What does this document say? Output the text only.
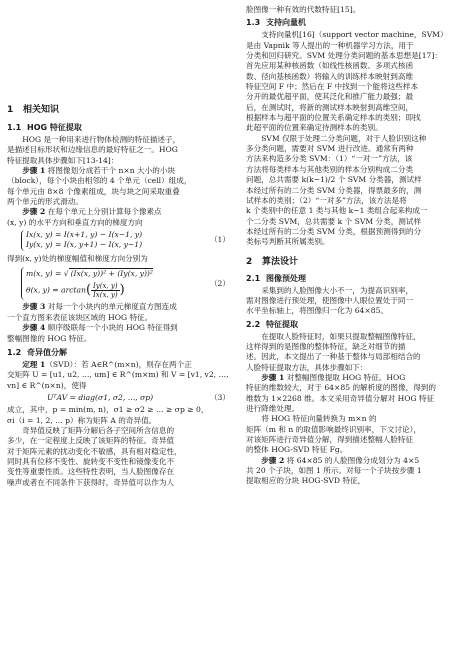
1 相关知识
1.1 HOG 特征提取
HOG 是一种用来进行物体检测的特征描述子，
是描述目标形状和边缘信息的最好特征之一。HOG
特征提取具体步骤如下[13-14]：
步骤 1 将图像划分成若干个 n×n 大小的小块
（block），每个小块由相邻的 4 个单元（cell）组成，
每个单元由 8×8 个像素组成，块与块之间采取重叠
两个单元的形式滑动。
步骤 2 在每个单元上分别计算每个像素点
(x, y) 的水平方向和垂直方向的梯度方向
Ix(x, y) = I(x+1, y) − I(x−1, y)
Iy(x, y) = I(x, y+1) − I(x, y−1)
（1）
得到(x, y)处的梯度幅值和梯度方向分别为
m(x, y) = √ (Ix(x, y))² + (Iy(x, y))²
θ(x, $y) = \arctan( \frac{Iy(x, y)}{Ix(x, y)}$ )	（2）
步骤 3 对每一个小块内的单元梯度直方图连成
一个直方图来表征该块区域的 HOG 特征。
步骤 4 顺序级联每一个小块的 HOG 特征得到
整幅图像的 HOG 特征。
1.2 奇异值分解
定理 1（SVD）：若 A∈R^(m×n)，则存在两个正
交矩阵 U = [u1, u2, …, um] ∈ R^(m×m) 和 V = [v1, v2, …,
vn] ∈ R^(n×n)，使得
UᵀAV = diag(σ1, σ2, …, σp)	（3）
成立，其中，p = min(m, n)，σ1 ≥ σ2 ≥ … ≥ σp ≥ 0，
σi（i = 1, 2, … p）称为矩阵 A 的奇异值。
奇异值反映了矩阵分解后各子空间所含信息的
多少，在一定程度上反映了该矩阵的特征。奇异值
对于矩阵元素的扰动变化不敏感，具有相对稳定性，
同时具有位移不变性、旋转变不变性和镜像变化不
变性等重要性质。这些特性表明，当人脸图像存在
噪声或者在不同条件下获得时，奇异值可以作为人
脸图像一种有效的代数特征[15]。
1.3 支持向量机
支持向量机[16]（support vector machine，SVM）
是由 Vapnik 等人提出的一种机器学习方法，用于
分类和回归研究。SVM 处理分类问题的基本思想是[17]：
首先应用某种核函数（如线性核函数、多项式核函
数、径向基核函数）将输入的训练样本映射到高维
特征空间 F 中；然后在 F 中找到一个能将这些样本
分开的最优超平面，使其泛化和推广能力最强；最
后，在测试时，将新的测试样本映射到高维空间，
根据样本与超平面的位置关系确定样本的类别；即找
此超平面的位置来确定待测样本的类别。
SVM 仅限于处理二分类问题，对于人脸识别这种
多分类问题，需要对 SVM 进行改进。通常有两种
方法来构造多分类 SVM：（1）“一对一”方法，该
方法将每类样本与其他类别的样本分别构成二分类
问题，总共需要 k(k−1)/2 个 SVM 分类器，测试样
本经过所有的二分类 SVM 分类器，得票最多的，测
试样本的类别；（2）“一对多”方法，该方法是将
k 个类别中的任意 1 类与其他 k−1 类组合起来构成一
个二分类 SVM，总共需要 k 个 SVM 分类，测试样
本经过所有的二分类 SVM 分类，根据预测得到的分
类标号判断其所属类别。
2 算法设计
2.1 图像预处理
采集到的人脸图像大小不一，为提高识别率，
需对图像进行预处理，使图像中人眼位置处于同一
水平坐标轴上，将图像归一化为 64×85。
2.2 特征提取
在提取人脸特征时，如果只提取整幅图像特征，
这样得到的是图像的整体特征，缺乏对细节的描
述。因此，本文提出了一种基于整体与局部相结合的
人脸特征提取方法，具体步骤如下：
步骤 1 对整幅图像提取 HOG 特征。HOG
特征的维数较大，对于 64×85 的解析度的图像，得到的
维数为 1×2268 维。本文采用奇异值分解对 HOG 特征
进行降维处理。
将 HOG 特征向量转换为 m×n 的
矩阵（m 和 n 的取值影响最终识别率，下文讨论），
对该矩阵进行奇异值分解，得到描述整幅人脸特征
的整体 HOG-SVD 特征 Fg。
步骤 2 将 64×85 的人脸图像分成划分为 4×5
共 20 个子块，如图 1 所示。对每一个子块按步骤 1
提取相应的分块 HOG-SVD 特征，
